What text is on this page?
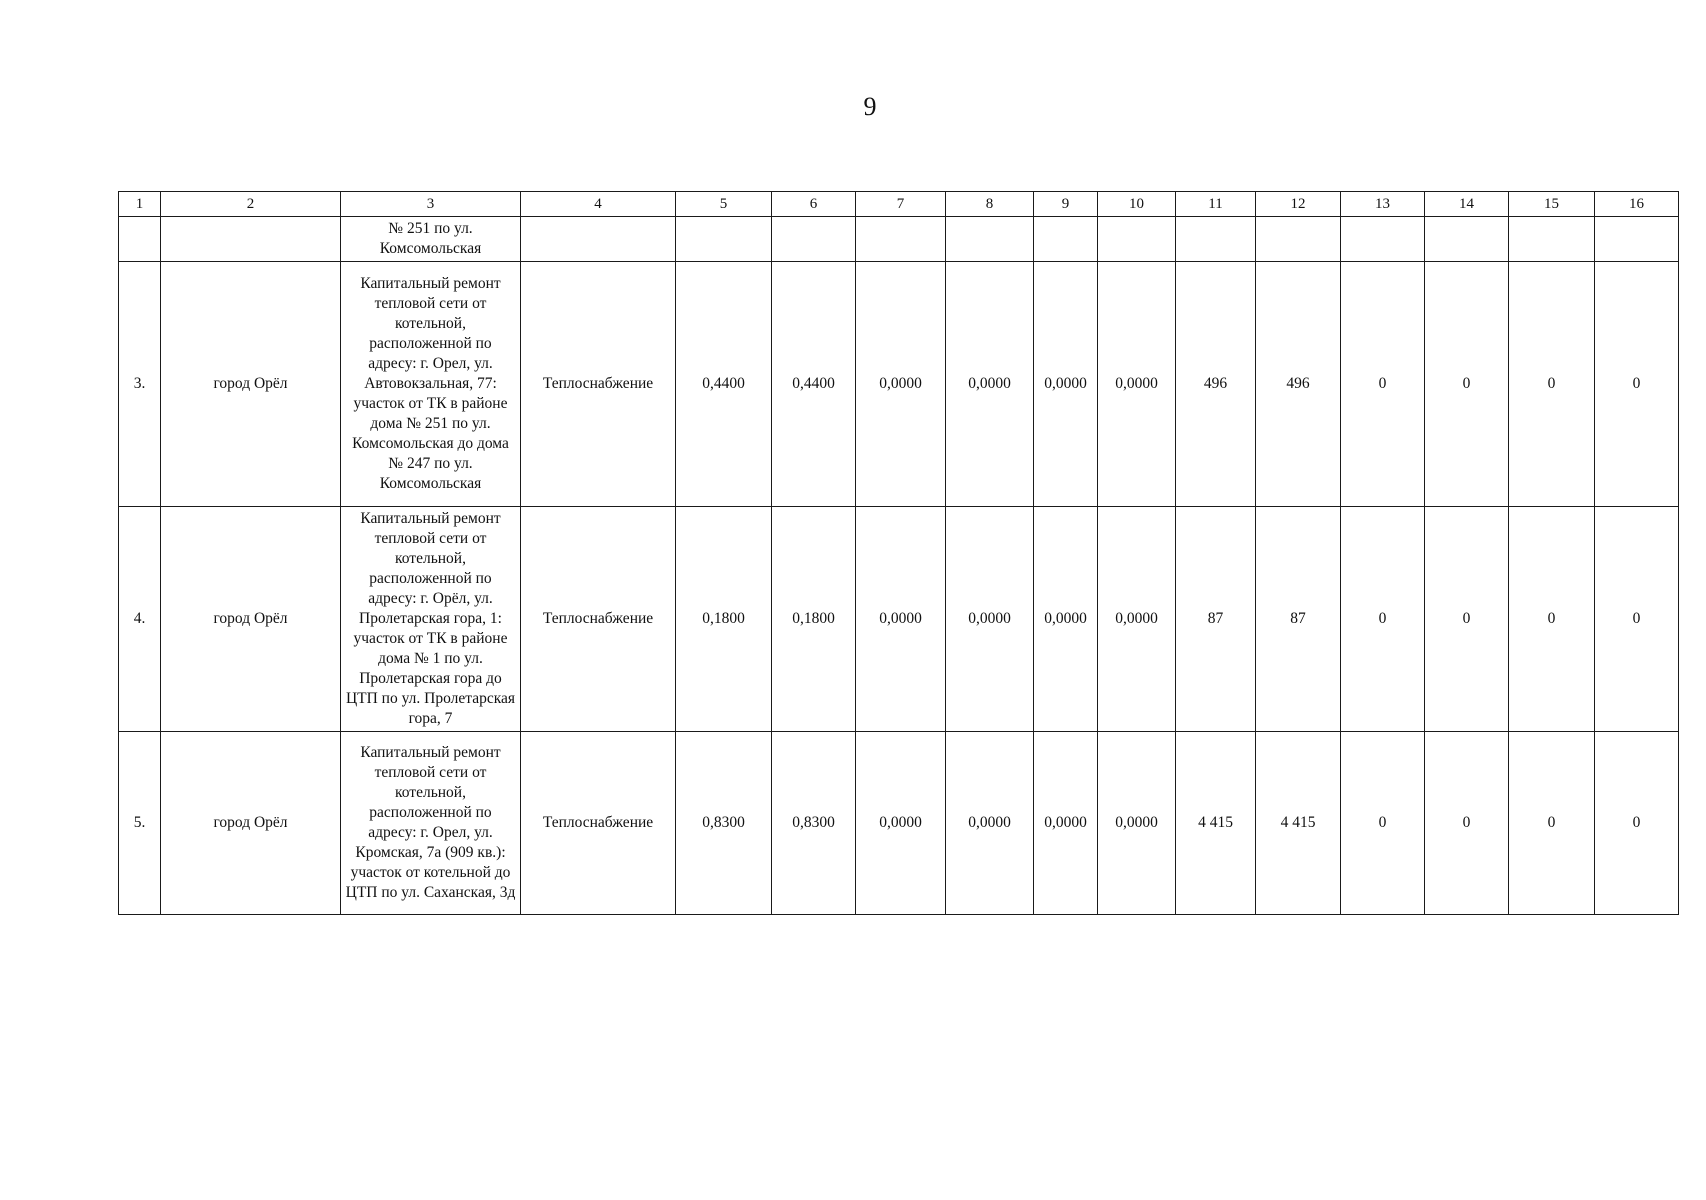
9
1	2	3	4	5	6	7	8	9	10	11	12	13	14	15	16
		№ 251 по ул. Комсомольская													
3.	город Орёл	Капитальный ремонт тепловой сети от котельной, расположенной по адресу: г. Орел, ул. Автовокзальная, 77: участок от ТК в районе дома № 251 по ул. Комсомольская до дома № 247 по ул. Комсомольская	Теплоснабжение	0,4400	0,4400	0,0000	0,0000	0,0000	0,0000	496	496	0	0	0	0
4.	город Орёл	Капитальный ремонт тепловой сети от котельной, расположенной по адресу: г. Орёл, ул. Пролетарская гора, 1: участок от ТК в районе дома № 1 по ул. Пролетарская гора до ЦТП по ул. Пролетарская гора, 7	Теплоснабжение	0,1800	0,1800	0,0000	0,0000	0,0000	0,0000	87	87	0	0	0	0
5.	город Орёл	Капитальный ремонт тепловой сети от котельной, расположенной по адресу: г. Орел, ул. Кромская, 7а (909 кв.): участок от котельной до ЦТП по ул. Саханская, 3д	Теплоснабжение	0,8300	0,8300	0,0000	0,0000	0,0000	0,0000	4 415	4 415	0	0	0	0
